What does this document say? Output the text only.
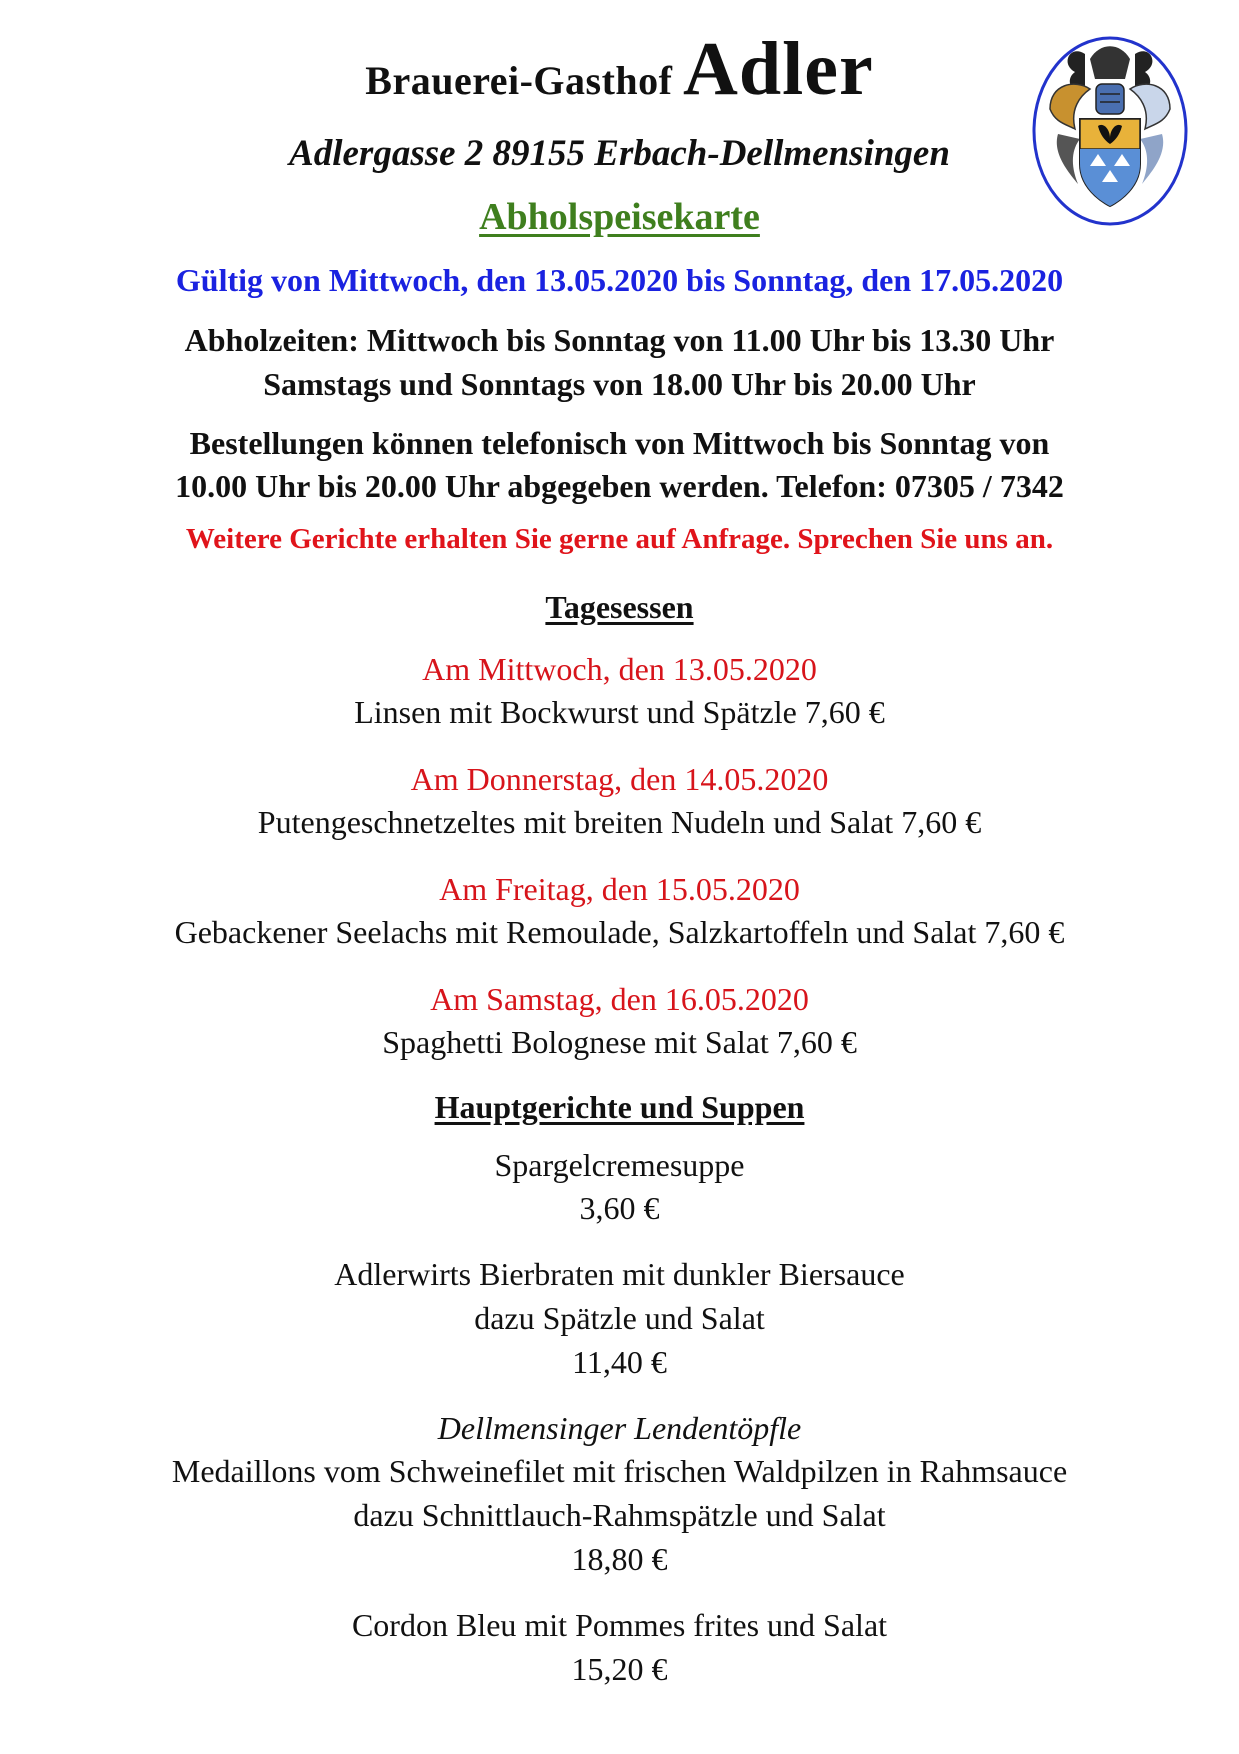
Brauerei-Gasthof Adler
Adlergasse 2 89155 Erbach-Dellmensingen
Abholspeisekarte
Gültig von Mittwoch, den 13.05.2020 bis Sonntag, den 17.05.2020
Abholzeiten: Mittwoch bis Sonntag von 11.00 Uhr bis 13.30 Uhr
Samstags und Sonntags von 18.00 Uhr bis 20.00 Uhr
Bestellungen können telefonisch von Mittwoch bis Sonntag von
10.00 Uhr bis 20.00 Uhr abgegeben werden. Telefon: 07305 / 7342
Weitere Gerichte erhalten Sie gerne auf Anfrage. Sprechen Sie uns an.
Tagesessen
Am Mittwoch, den 13.05.2020
Linsen mit Bockwurst und Spätzle 7,60 €
Am Donnerstag, den 14.05.2020
Putengeschnetzeltes mit breiten Nudeln und Salat 7,60 €
Am Freitag, den 15.05.2020
Gebackener Seelachs mit Remoulade, Salzkartoffeln und Salat 7,60 €
Am Samstag, den 16.05.2020
Spaghetti Bolognese mit Salat 7,60 €
Hauptgerichte und Suppen
Spargelcremesuppe
3,60 €
Adlerwirts Bierbraten mit dunkler Biersauce
dazu Spätzle und Salat
11,40 €
Dellmensinger Lendentöpfle
Medaillons vom Schweinefilet mit frischen Waldpilzen in Rahmsauce
dazu Schnittlauch-Rahmspätzle und Salat
18,80 €
Cordon Bleu mit Pommes frites und Salat
15,20 €
